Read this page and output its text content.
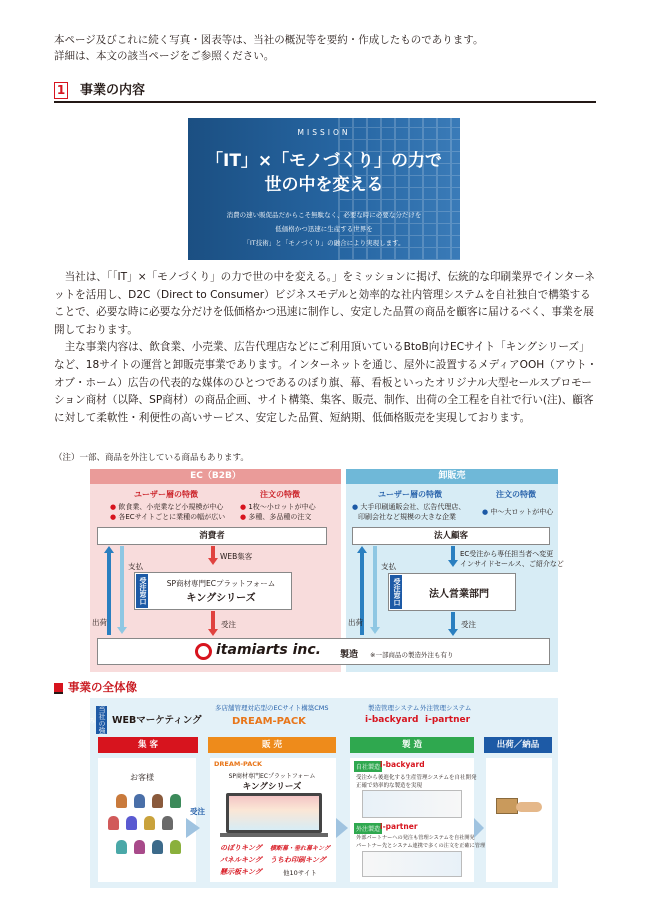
本ページ及びこれに続く写真・図表等は、当社の概況等を要約・作成したものであります。
詳細は、本文の該当ページをご参照ください。
1 事業の内容
MISSION
「IT」×「モノづくり」の力で
世の中を変える
消費の速い販促品だからこそ無駄なく、必要な時に必要な分だけを
低価格かつ迅速に生産する世界を
「IT技術」と「モノづくり」の融合により実現します。

当社は、「「IT」×「モノづくり」の力で世の中を変える。」をミッションに掲げ、伝統的な印刷業界でインターネットを活用し、D2C（Direct to Consumer）ビジネスモデルと効率的な社内管理システムを自社独自で構築することで、必要な時に必要な分だけを低価格かつ迅速に制作し、安定した品質の商品を顧客に届けるべく、事業を展開しております。

主な事業内容は、飲食業、小売業、広告代理店などにご利用頂いているBtoB向けECサイト「キングシリーズ」など、18サイトの運営と卸販売事業であります。インターネットを通じ、屋外に設置するメディアOOH（アウト・オブ・ホーム）広告の代表的な媒体のひとつであるのぼり旗、幕、看板といったオリジナル大型セールスプロモーション商材（以降、SP商材）の商品企画、サイト構築、集客、販売、制作、出荷の全工程を自社で行い(注)、顧客に対して柔軟性・利便性の高いサービス、安定した品質、短納期、低価格販売を実現しております。

（注）一部、商品を外注している商品もあります。
EC（B2B）	卸販売
ユーザー層の特徴
● 飲食業、小売業など小規模が中心
● 各ECサイトごとに業種の幅が広い
注文の特徴
● 1枚～小ロットが中心
● 多種、多品種の注文
ユーザー層の特徴
● 大手印刷通販会社、広告代理店、
印刷会社など規模の大きな企業
注文の特徴
● 中～大ロットが中心
消費者	法人顧客
WEB集客
支払
出荷
受注窓口	SP商材専門ECプラットフォーム
キングシリーズ
受注
EC受注から専任担当者へ変更
インサイドセールス、ご紹介など
支払
出荷
受注窓口	法人営業部門
受注
itamiarts inc. 製造 ※一部商品の製造外注も有り
事業の全体像
当社の強み	WEBマーケティング
多店舗管理対応型のECサイト構築CMS
DREAM-PACK
製造管理システム
i-backyard
外注管理システム
i-partner
集 客	販 売	製 造	出荷／納品
お客様
受注
DREAM-PACK
SP商材専門ECプラットフォーム
キングシリーズ
のぼりキング 横断幕・垂れ幕キング
パネルキング うちわ印刷キング
懸示板キング	他10サイト
自社製造 i-backyard
受注から後進化する生産管理システムを自社開発
正確で効率的な製造を実現
外注製造 i-partner
外部パートナーへの発注も管理システムを自社開発
パートナー先とシステム連携で多くの注文を正確に管理
